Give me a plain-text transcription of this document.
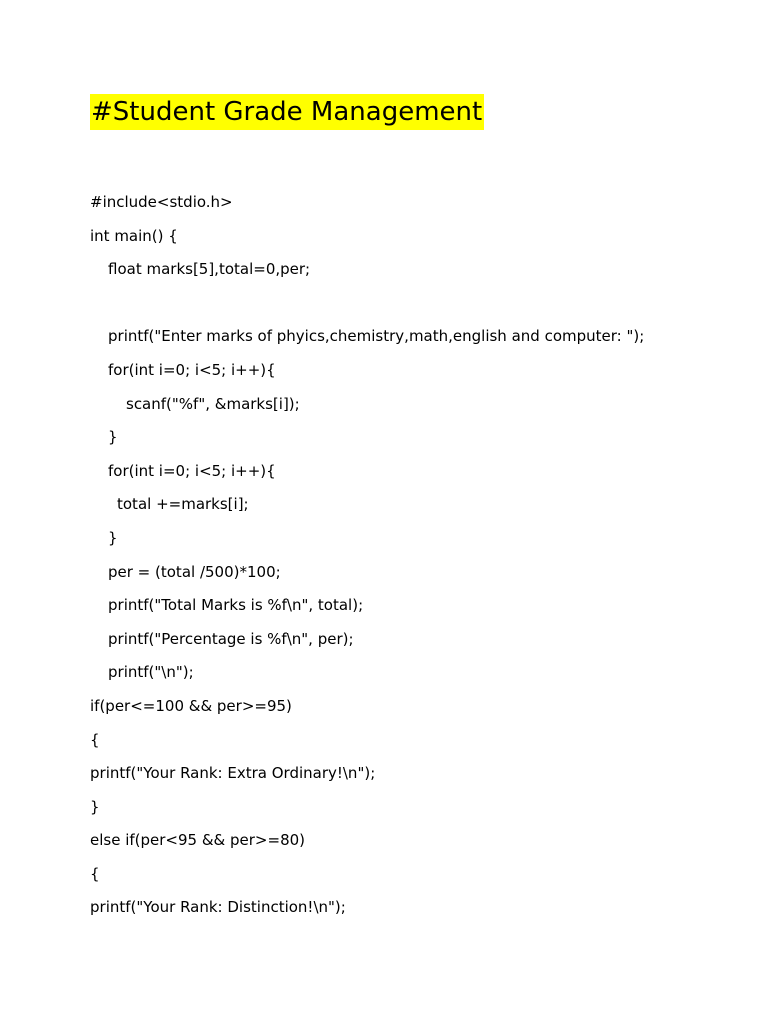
#Student Grade Management
#include<stdio.h>
int main() {
float marks[5],total=0,per;
printf("Enter marks of phyics,chemistry,math,english and computer: ");
for(int i=0; i<5; i++){
scanf("%f", &marks[i]);
}
for(int i=0; i<5; i++){
total +=marks[i];
}
per = (total /500)*100;
printf("Total Marks is %f\n", total);
printf("Percentage is %f\n", per);
printf("\n");
if(per<=100 && per>=95)
{
printf("Your Rank: Extra Ordinary!\n");
}
else if(per<95 && per>=80)
{
printf("Your Rank: Distinction!\n");
